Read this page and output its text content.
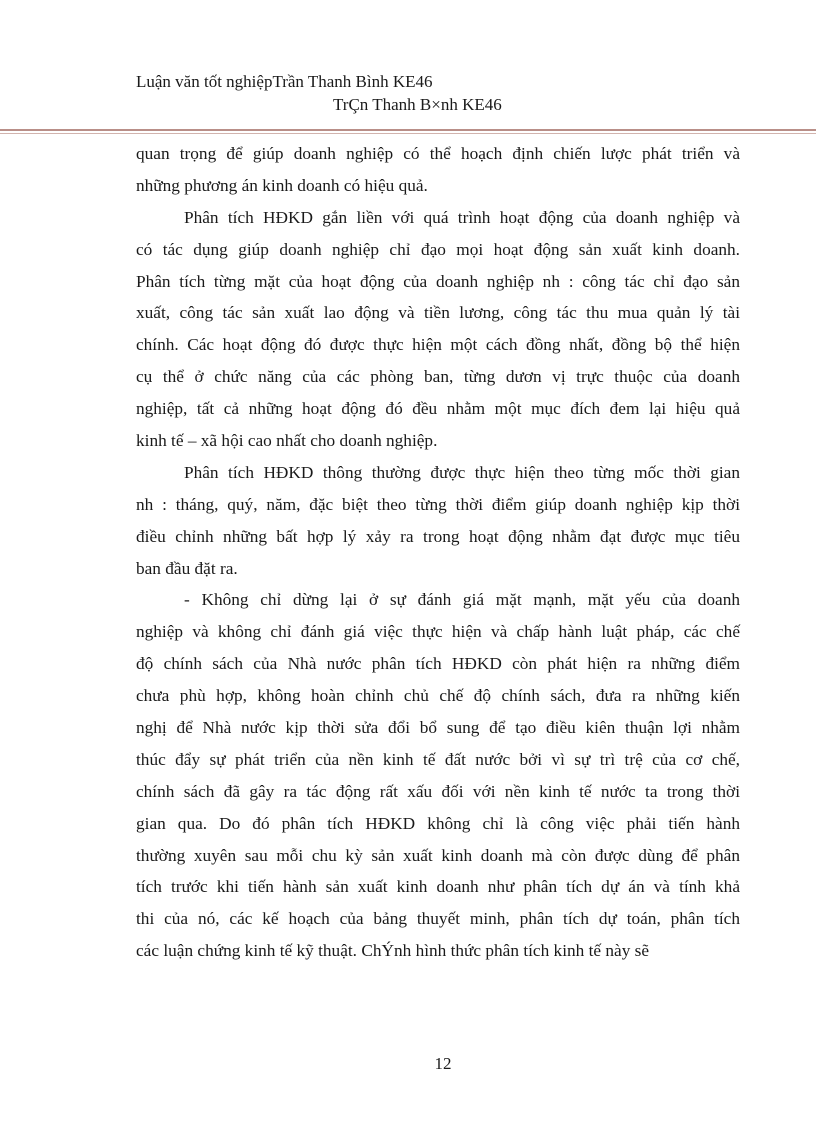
Luận văn tốt nghiệpTrần Thanh Bình KE46
TrÇn Thanh B×nh KE46
quan trọng để giúp doanh nghiệp có thể hoạch định chiến lược phát triển và
những phương án kinh doanh có hiệu quả.
Phân tích HĐKD gắn liền với quá trình hoạt động của doanh nghiệp và
có tác dụng giúp doanh nghiệp chỉ đạo mọi hoạt động sản xuất kinh doanh.
Phân tích từng mặt của hoạt động của doanh nghiệp nh : công tác chỉ đạo sản
xuất, công tác sản xuất lao động và tiền lương, công tác thu mua quản lý tài
chính. Các hoạt động đó được thực hiện một cách đồng nhất, đồng bộ thể hiện
cụ thể ở chức năng của các phòng ban, từng dươn vị trực thuộc của doanh
nghiệp, tất cả những hoạt động đó đều nhằm một mục đích đem lại hiệu quả
kinh tế – xã hội cao nhất cho doanh nghiệp.
Phân tích HĐKD thông thường được thực hiện theo từng mốc thời gian
nh : tháng, quý, năm, đặc biệt theo từng thời điểm giúp doanh nghiệp kịp thời
điều chỉnh những bất hợp lý xảy ra trong hoạt động nhằm đạt được mục tiêu
ban đầu đặt ra.
- Không chỉ dừng lại ở sự đánh giá mặt mạnh, mặt yếu của doanh
nghiệp và không chỉ đánh giá việc thực hiện và chấp hành luật pháp, các chế
độ chính sách của Nhà nước phân tích HĐKD còn phát hiện ra những điểm
chưa phù hợp, không hoàn chỉnh chủ chế độ chính sách, đưa ra những kiến
nghị để Nhà nước kịp thời sửa đổi bổ sung để tạo điều kiên thuận lợi nhằm
thúc đẩy sự phát triển của nền kinh tế đất nước bởi vì sự trì trệ của cơ chế,
chính sách đã gây ra tác động rất xấu đối với nền kinh tế nước ta trong thời
gian qua. Do đó phân tích HĐKD không chỉ là công việc phải tiến hành
thường xuyên sau mỗi chu kỳ sản xuất kinh doanh mà còn được dùng để phân
tích trước khi tiến hành sản xuất kinh doanh như phân tích dự án và tính khả
thi của nó, các kế hoạch của bảng thuyết minh, phân tích dự toán, phân tích
các luận chứng kinh tế kỹ thuật. ChÝnh hình thức phân tích kinh tế này sẽ
12
